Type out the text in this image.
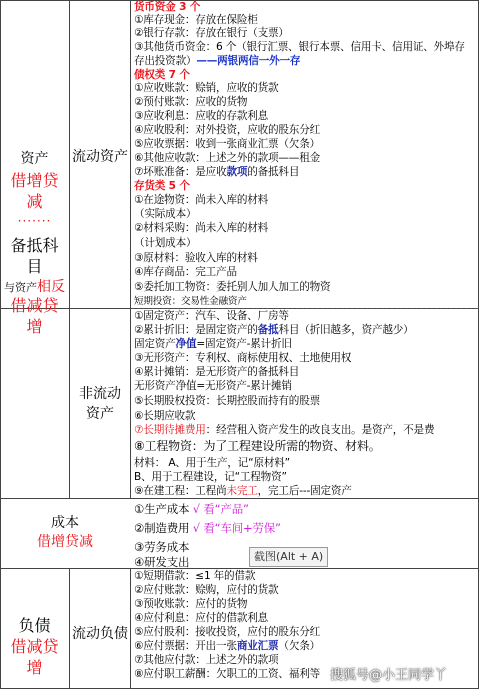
资产
借增贷
减
·······
备抵科
目
与资产相反
借减贷
增
成本
借增贷减
负债
借减贷
增
流动资产
非流动
资产
流动负债
货币资金 3 个
①库存现金：存放在保险柜
②银行存款：存放在银行（支票）
③其他货币资金：6 个（银行汇票、银行本票、信用卡、信用证、外埠存
存出投资款）——两银两信一外一存
债权类 7 个
①应收账款：赊销，应收的货款
②预付账款：应收的货物
③应收利息：应收的存款利息
④应收股利：对外投资，应收的股东分红
⑤应收票据：收到一张商业汇票（欠条）
⑥其他应收款：上述之外的款项——租金
⑦坏账准备：是应收款项的备抵科目
存货类 5 个
①在途物资：尚未入库的材料
（实际成本）
②材料采购：尚未入库的材料
（计划成本）
③原材料：验收入库的材料
④库存商品：完工产品
⑤委托加工物资：委托别人加人加工的物资
短期投资：交易性金融资产
①固定资产：汽车、设备、厂房等
②累计折旧：是固定资产的备抵科目（折旧越多，资产越少）
固定资产净值=固定资产-累计折旧
③无形资产：专利权、商标使用权、土地使用权
④累计摊销：是无形资产的备抵科目
无形资产净值=无形资产-累计摊销
⑤长期股权投资：长期控股而持有的股票
⑥长期应收款
⑦长期待摊费用：经营租入资产发生的改良支出。是资产，不是费
⑧工程物资：为了工程建设所需的物资、材料。
材料： A、用于生产，记“原材料”
B、用于工程建设，记“工程物资”
⑨在建工程：工程尚未完工，完工后---固定资产
①生产成本 √ 看“产品”
②制造费用 √ 看“车间+劳保”
③劳务成本
④研发支出
①短期借款：≤1 年的借款
②应付账款：赊购，应付的货款
③预收账款：应付的货物
④应付利息：应付的借款利息
⑤应付股利：接收投资，应付的股东分红
⑥应付票据：开出一张商业汇票（欠条）
⑦其他应付款：上述之外的款项
⑧应付职工薪酬：欠职工的工资、福利等
截图(Alt + A)
搜狐号@小王同学丫
